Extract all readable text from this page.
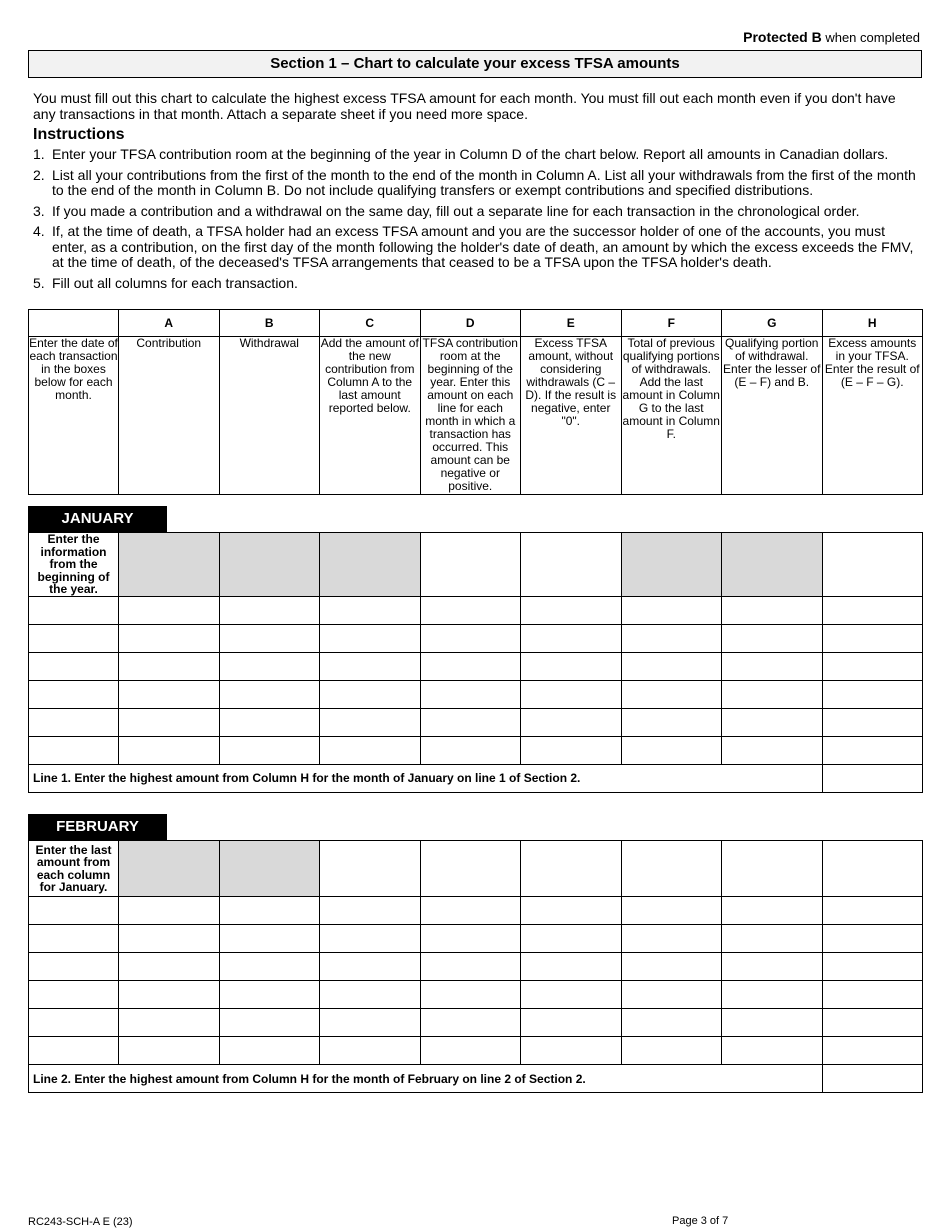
Protected B when completed
Section 1 – Chart to calculate your excess TFSA amounts
You must fill out this chart to calculate the highest excess TFSA amount for each month. You must fill out each month even if you don't have any transactions in that month. Attach a separate sheet if you need more space.
Instructions
1. Enter your TFSA contribution room at the beginning of the year in Column D of the chart below. Report all amounts in Canadian dollars.
2. List all your contributions from the first of the month to the end of the month in Column A. List all your withdrawals from the first of the month to the end of the month in Column B. Do not include qualifying transfers or exempt contributions and specified distributions.
3. If you made a contribution and a withdrawal on the same day, fill out a separate line for each transaction in the chronological order.
4. If, at the time of death, a TFSA holder had an excess TFSA amount and you are the successor holder of one of the accounts, you must enter, as a contribution, on the first day of the month following the holder's date of death, an amount by which the excess exceeds the FMV, at the time of death, of the deceased's TFSA arrangements that ceased to be a TFSA upon the TFSA holder's death.
5. Fill out all columns for each transaction.
	A	B	C	D	E	F	G	H
Enter the date of each transaction in the boxes below for each month.	Contribution	Withdrawal	Add the amount of the new contribution from Column A to the last amount reported below.	TFSA contribution room at the beginning of the year. Enter this amount on each line for each month in which a transaction has occurred. This amount can be negative or positive.	Excess TFSA amount, without considering withdrawals (C – D). If the result is negative, enter "0".	Total of previous qualifying portions of withdrawals. Add the last amount in Column G to the last amount in Column F.	Qualifying portion of withdrawal. Enter the lesser of (E – F) and B.	Excess amounts in your TFSA. Enter the result of (E – F – G).
JANUARY
Enter the information from the beginning of the year.								

Line 1. Enter the highest amount from Column H for the month of January on line 1 of Section 2.								
FEBRUARY
Enter the last amount from each column for January.								

Line 2. Enter the highest amount from Column H for the month of February on line 2 of Section 2.								
RC243-SCH-A E (23)	Page 3 of 7
